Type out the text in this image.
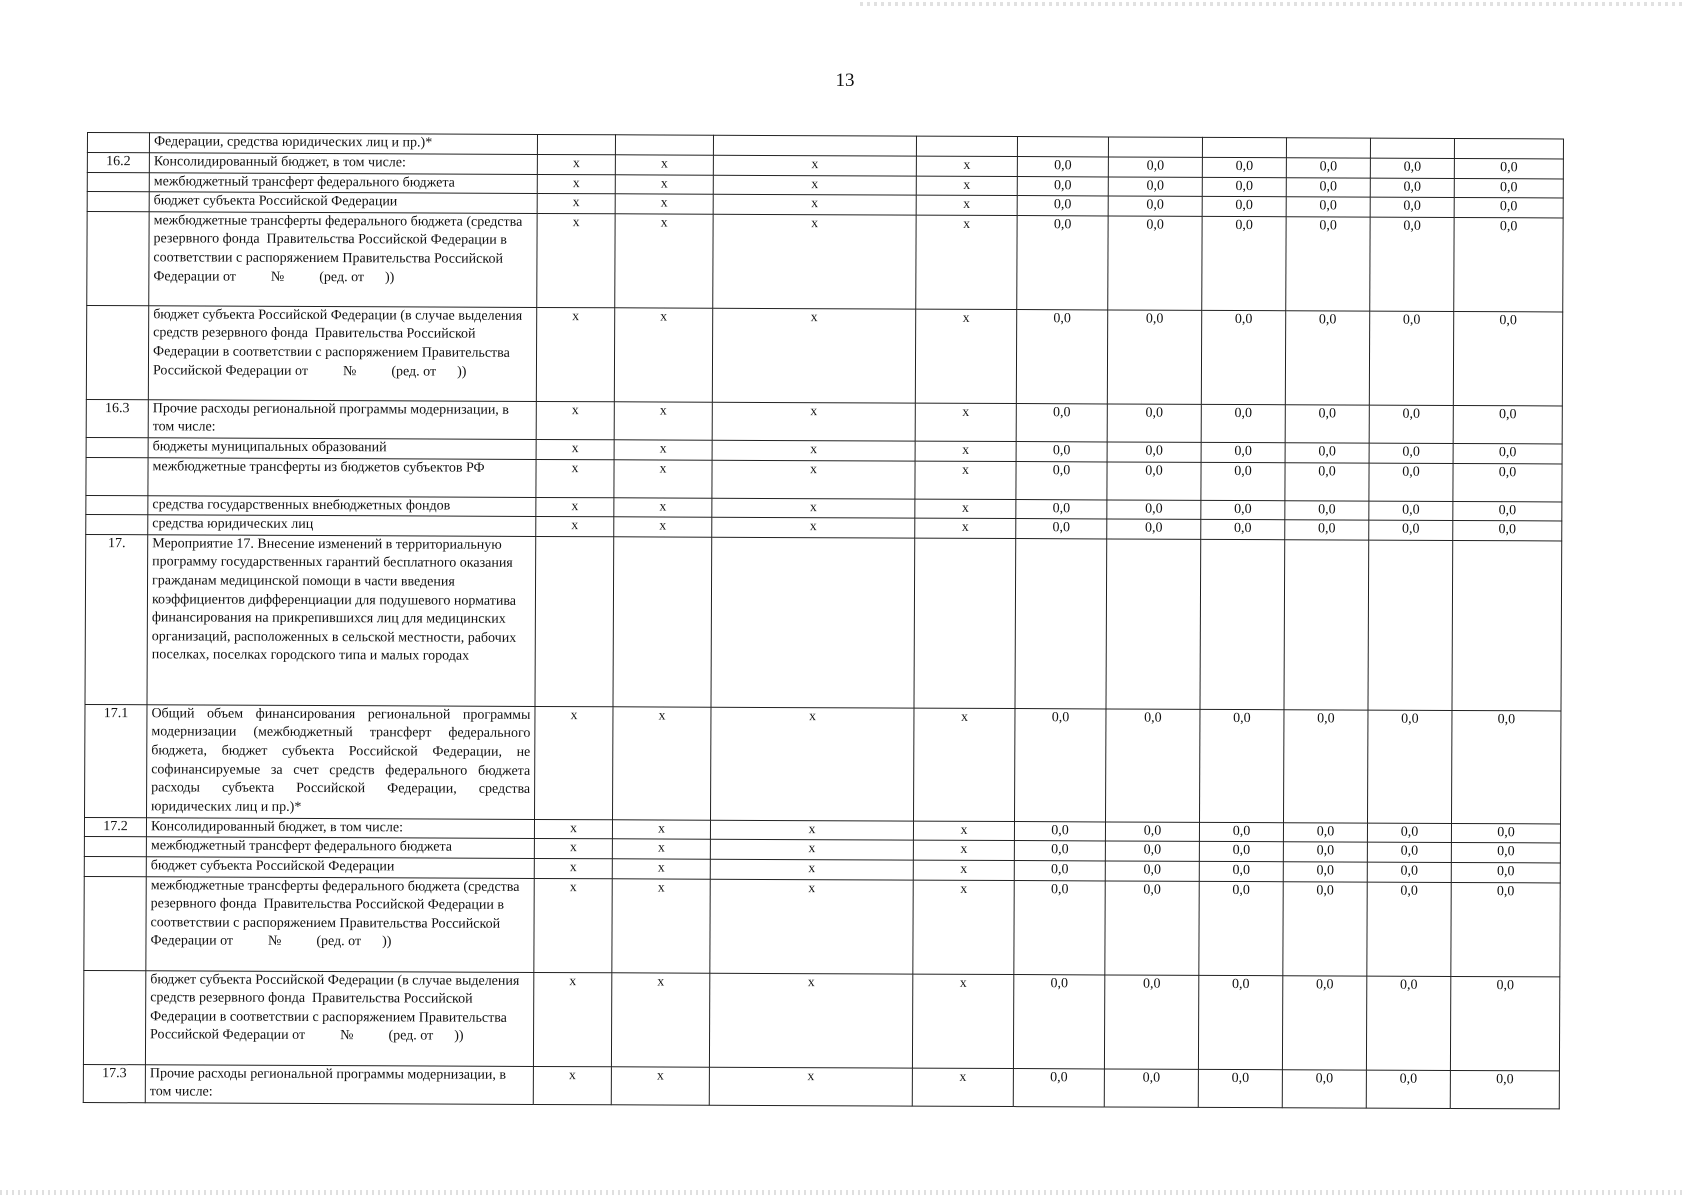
13
	Федерации, средства юридических лиц и пр.)*										
16.2	Консолидированный бюджет, в том числе:	х	х	х	х	0,0	0,0	0,0	0,0	0,0	0,0
	межбюджетный трансферт федерального бюджета	х	х	х	х	0,0	0,0	0,0	0,0	0,0	0,0
	бюджет субъекта Российской Федерации	х	х	х	х	0,0	0,0	0,0	0,0	0,0	0,0
	межбюджетные трансферты федерального бюджета (средства резервного фонда  Правительства Российской Федерации в соответствии с распоряжением Правительства Российской Федерации от          №          (ред. от      ))	х	х	х	х	0,0	0,0	0,0	0,0	0,0	0,0
	бюджет субъекта Российской Федерации (в случае выделения средств резервного фонда  Правительства Российской Федерации в соответствии с распоряжением Правительства Российской Федерации от          №          (ред. от      ))	х	х	х	х	0,0	0,0	0,0	0,0	0,0	0,0
16.3	Прочие расходы региональной программы модернизации, в том числе:	х	х	х	х	0,0	0,0	0,0	0,0	0,0	0,0
	бюджеты муниципальных образований	х	х	х	х	0,0	0,0	0,0	0,0	0,0	0,0
	межбюджетные трансферты из бюджетов субъектов РФ	х	х	х	х	0,0	0,0	0,0	0,0	0,0	0,0
	средства государственных внебюджетных фондов	х	х	х	х	0,0	0,0	0,0	0,0	0,0	0,0
	средства юридических лиц	х	х	х	х	0,0	0,0	0,0	0,0	0,0	0,0
17.	Мероприятие 17. Внесение изменений в территориальную программу государственных гарантий бесплатного оказания гражданам медицинской помощи в части введения коэффициентов дифференциации для подушевого норматива финансирования на прикрепившихся лиц для медицинских организаций, расположенных в сельской местности, рабочих поселках, поселках городского типа и малых городах										
17.1	Общий объем финансирования региональной программы модернизации (межбюджетный трансферт федерального бюджета, бюджет субъекта Российской Федерации, не софинансируемые за счет средств федерального бюджета расходы субъекта Российской Федерации, средства юридических лиц и пр.)*	х	х	х	х	0,0	0,0	0,0	0,0	0,0	0,0
17.2	Консолидированный бюджет, в том числе:	х	х	х	х	0,0	0,0	0,0	0,0	0,0	0,0
	межбюджетный трансферт федерального бюджета	х	х	х	х	0,0	0,0	0,0	0,0	0,0	0,0
	бюджет субъекта Российской Федерации	х	х	х	х	0,0	0,0	0,0	0,0	0,0	0,0
	межбюджетные трансферты федерального бюджета (средства резервного фонда  Правительства Российской Федерации в соответствии с распоряжением Правительства Российской Федерации от          №          (ред. от      ))	х	х	х	х	0,0	0,0	0,0	0,0	0,0	0,0
	бюджет субъекта Российской Федерации (в случае выделения средств резервного фонда  Правительства Российской Федерации в соответствии с распоряжением Правительства Российской Федерации от          №          (ред. от      ))	х	х	х	х	0,0	0,0	0,0	0,0	0,0	0,0
17.3	Прочие расходы региональной программы модернизации, в том числе:	х	х	х	х	0,0	0,0	0,0	0,0	0,0	0,0
